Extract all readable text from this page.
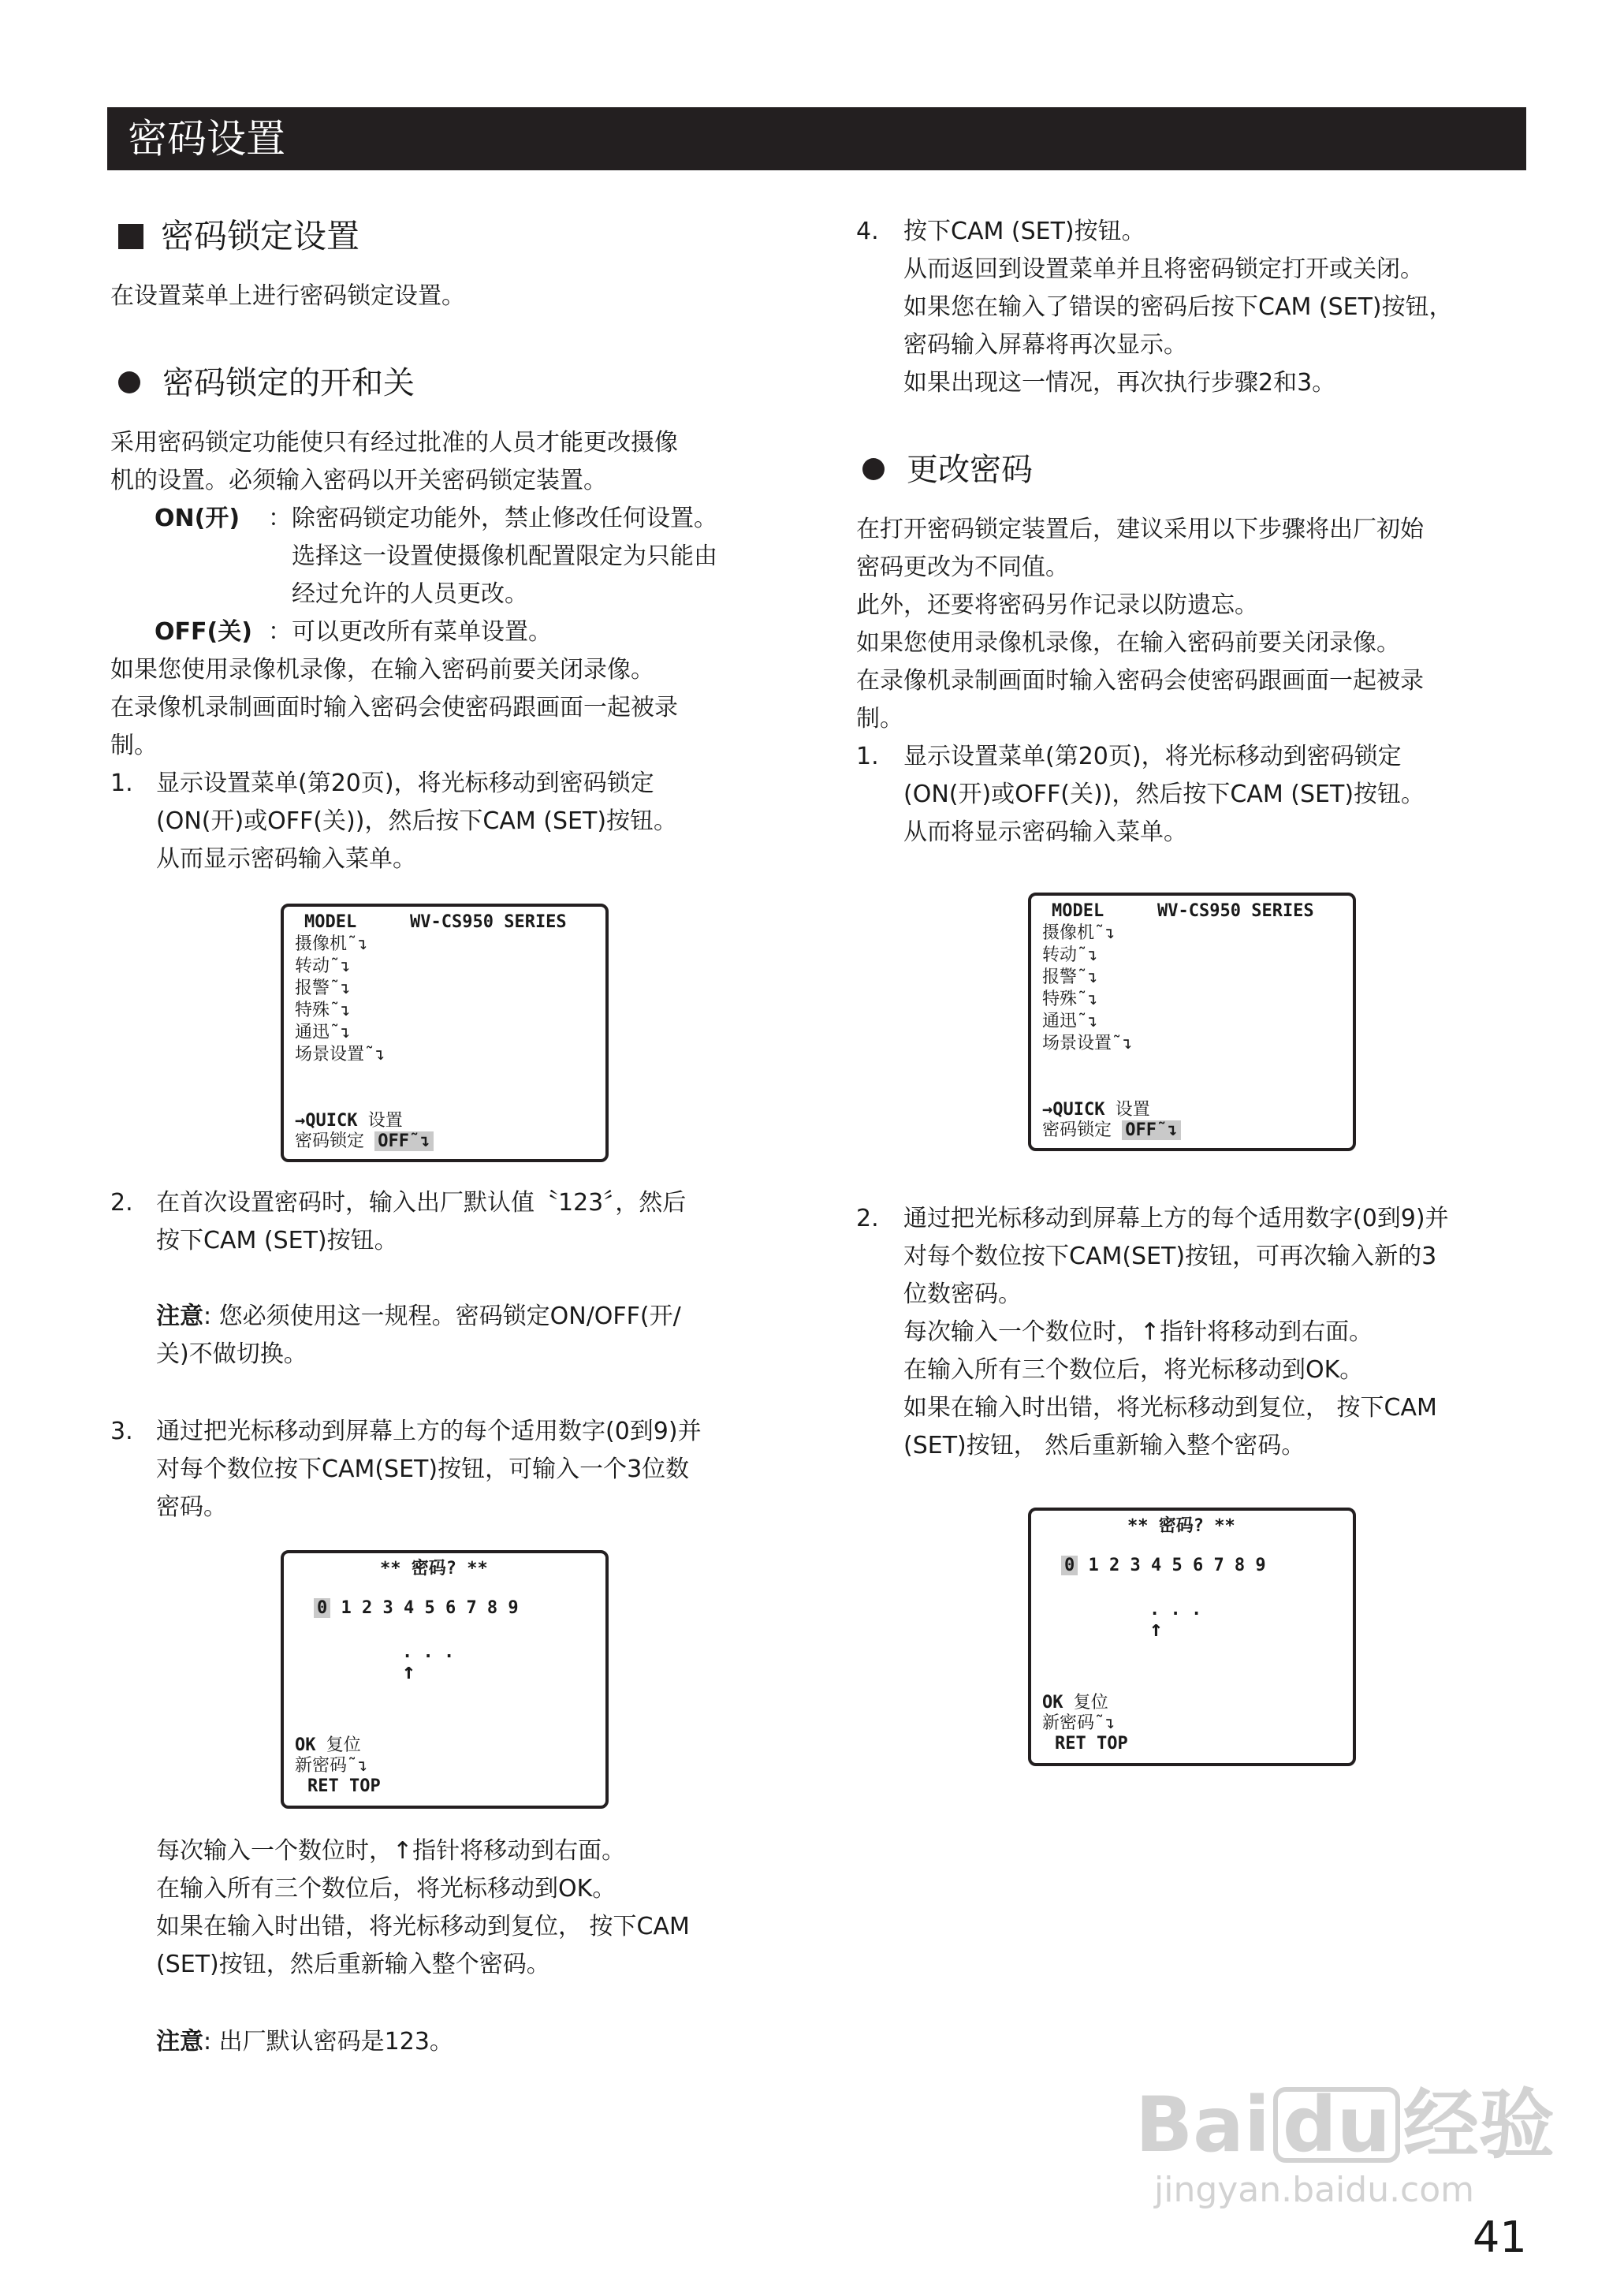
密码设置
密码锁定设置

在设置菜单上进行密码锁定设置。

密码锁定的开和关

采用密码锁定功能使只有经过批准的人员才能更改摄像

机的设置。必须输入密码以开关密码锁定装置。

ON(开) ：除密码锁定功能外，禁止修改任何设置。

选择这一设置使摄像机配置限定为只能由

经过允许的人员更改。

OFF(关) ：可以更改所有菜单设置。

如果您使用录像机录像，在输入密码前要关闭录像。

在录像机录制画面时输入密码会使密码跟画面一起被录

制。

1. 显示设置菜单(第20页)，将光标移动到密码锁定

(ON(开)或OFF(关))，然后按下CAM (SET)按钮。

从而显示密码输入菜单。

MODEL	WV-CS950 SERIES
摄像机˜↴
转动˜↴
报警˜↴
特殊˜↴
通迅˜↴
场景设置˜↴
→QUICK 设置
密码锁定 OFF˜↴

2. 在首次设置密码时，输入出厂默认值〝123〞，然后

按下CAM (SET)按钮。

注意: 您必须使用这一规程。密码锁定ON/OFF(开/

关)不做切换。

3. 通过把光标移动到屏幕上方的每个适用数字(0到9)并

对每个数位按下CAM(SET)按钮，可输入一个3位数

密码。

** 密码? **
0 1 2 3 4 5 6 7 8 9
. . .
↑
OK 复位
新密码˜↴
RET TOP

每次输入一个数位时，↑指针将移动到右面。

在输入所有三个数位后，将光标移动到OK。

如果在输入时出错，将光标移动到复位， 按下CAM

(SET)按钮，然后重新输入整个密码。

注意: 出厂默认密码是123。

4. 按下CAM (SET)按钮。

从而返回到设置菜单并且将密码锁定打开或关闭。

如果您在输入了错误的密码后按下CAM (SET)按钮，

密码输入屏幕将再次显示。

如果出现这一情况，再次执行步骤2和3。

更改密码

在打开密码锁定装置后，建议采用以下步骤将出厂初始

密码更改为不同值。

此外，还要将密码另作记录以防遗忘。

如果您使用录像机录像，在输入密码前要关闭录像。

在录像机录制画面时输入密码会使密码跟画面一起被录

制。

1. 显示设置菜单(第20页)，将光标移动到密码锁定

(ON(开)或OFF(关))，然后按下CAM (SET)按钮。

从而将显示密码输入菜单。

MODEL	WV-CS950 SERIES
摄像机˜↴
转动˜↴
报警˜↴
特殊˜↴
通迅˜↴
场景设置˜↴
→QUICK 设置
密码锁定 OFF˜↴

2. 通过把光标移动到屏幕上方的每个适用数字(0到9)并

对每个数位按下CAM(SET)按钮，可再次输入新的3

位数密码。

每次输入一个数位时，↑指针将移动到右面。

在输入所有三个数位后，将光标移动到OK。

如果在输入时出错，将光标移动到复位， 按下CAM

(SET)按钮， 然后重新输入整个密码。

** 密码? **
0 1 2 3 4 5 6 7 8 9
. . .
↑
OK 复位
新密码˜↴
RET TOP
Bai du 经验
jingyan.baidu.com
41
